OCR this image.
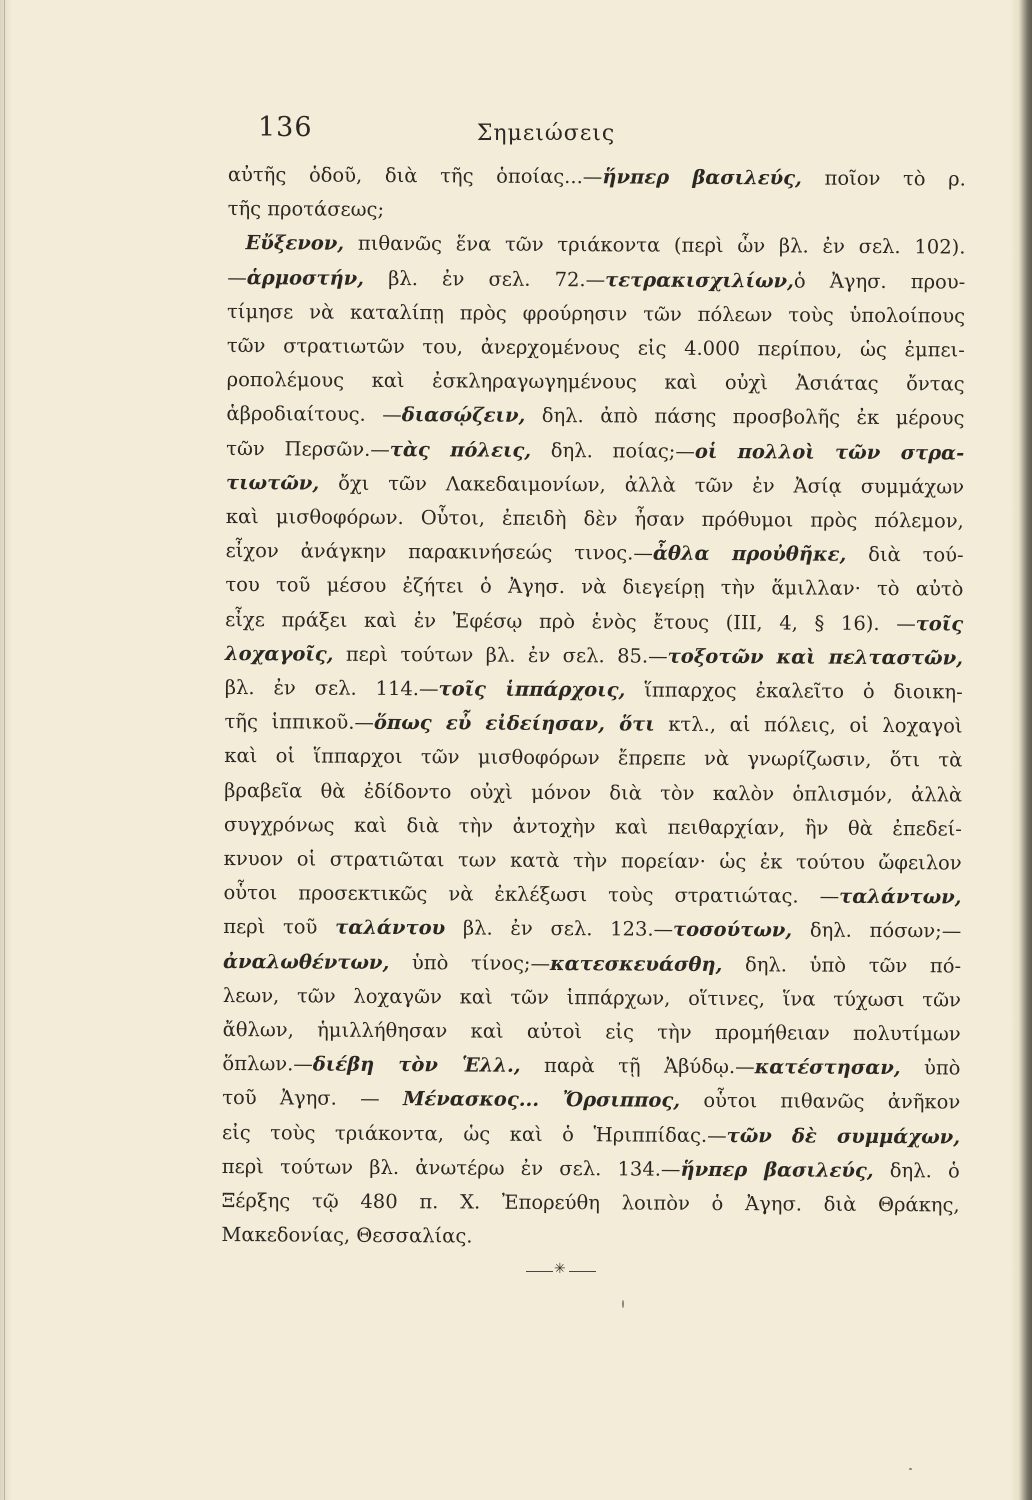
136	Σημειώσεις
αὐτῆς ὁδοῦ, διὰ τῆς ὁποίας...—ἥνπερ βασιλεύς, ποῖον τὸ ρ.
τῆς προτάσεως;
Εὔξενον, πιθανῶς ἕνα τῶν τριάκοντα (περὶ ὧν βλ. ἐν σελ. 102).
—ἁρμοστήν, βλ. ἐν σελ. 72.—τετρακισχιλίων,ὁ Ἀγησ. πρου-
τίμησε νὰ καταλίπῃ πρὸς φρούρησιν τῶν πόλεων τοὺς ὑπολοίπους
τῶν στρατιωτῶν του, ἀνερχομένους εἰς 4.000 περίπου, ὡς ἐμπει-
ροπολέμους καὶ ἐσκληραγωγημένους καὶ οὐχὶ Ἀσιάτας ὄντας
ἁβροδιαίτους. —διασῴζειν, δηλ. ἀπὸ πάσης προσβολῆς ἐκ μέρους
τῶν Περσῶν.—τὰς πόλεις, δηλ. ποίας;—οἱ πολλοὶ τῶν στρα-
τιωτῶν, ὄχι τῶν Λακεδαιμονίων, ἀλλὰ τῶν ἐν Ἀσίᾳ συμμάχων
καὶ μισθοφόρων. Οὗτοι, ἐπειδὴ δὲν ἦσαν πρόθυμοι πρὸς πόλεμον,
εἶχον ἀνάγκην παρακινήσεώς τινος.—ἆθλα προὐθῆκε, διὰ τού-
του τοῦ μέσου ἐζήτει ὁ Ἀγησ. νὰ διεγείρῃ τὴν ἅμιλλαν· τὸ αὐτὸ
εἶχε πράξει καὶ ἐν Ἐφέσῳ πρὸ ἑνὸς ἔτους (ΙΙΙ, 4, § 16). —τοῖς
λοχαγοῖς, περὶ τούτων βλ. ἐν σελ. 85.—τοξοτῶν καὶ πελταστῶν,
βλ. ἐν σελ. 114.—τοῖς ἱππάρχοις, ἵππαρχος ἐκαλεῖτο ὁ διοικη-
τῆς ἱππικοῦ.—ὅπως εὖ εἰδείησαν, ὅτι κτλ., αἱ πόλεις, οἱ λοχαγοὶ
καὶ οἱ ἵππαρχοι τῶν μισθοφόρων ἔπρεπε νὰ γνωρίζωσιν, ὅτι τὰ
βραβεῖα θὰ ἐδίδοντο οὐχὶ μόνον διὰ τὸν καλὸν ὁπλισμόν, ἀλλὰ
συγχρόνως καὶ διὰ τὴν ἀντοχὴν καὶ πειθαρχίαν, ἣν θὰ ἐπεδεί-
κνυον οἱ στρατιῶται των κατὰ τὴν πορείαν· ὡς ἐκ τούτου ὤφειλον
οὗτοι προσεκτικῶς νὰ ἐκλέξωσι τοὺς στρατιώτας. —ταλάντων,
περὶ τοῦ ταλάντου βλ. ἐν σελ. 123.—τοσούτων, δηλ. πόσων;—
ἀναλωθέντων, ὑπὸ τίνος;—κατεσκευάσθη, δηλ. ὑπὸ τῶν πό-
λεων, τῶν λοχαγῶν καὶ τῶν ἱππάρχων, οἵτινες, ἵνα τύχωσι τῶν
ἄθλων, ἡμιλλήθησαν καὶ αὐτοὶ εἰς τὴν προμήθειαν πολυτίμων
ὅπλων.—διέβη τὸν Ἑλλ., παρὰ τῇ Ἀβύδῳ.—κατέστησαν, ὑπὸ
τοῦ Ἀγησ. — Μένασκος... Ὄρσιππος, οὗτοι πιθανῶς ἀνῆκον
εἰς τοὺς τριάκοντα, ὡς καὶ ὁ Ἡριππίδας.—τῶν δὲ συμμάχων,
περὶ τούτων βλ. ἀνωτέρω ἐν σελ. 134.—ἥνπερ βασιλεύς, δηλ. ὁ
Ξέρξης τῷ 480 π. Χ. Ἐπορεύθη λοιπὸν ὁ Ἀγησ. διὰ Θράκης,
Μακεδονίας, Θεσσαλίας.
✳
